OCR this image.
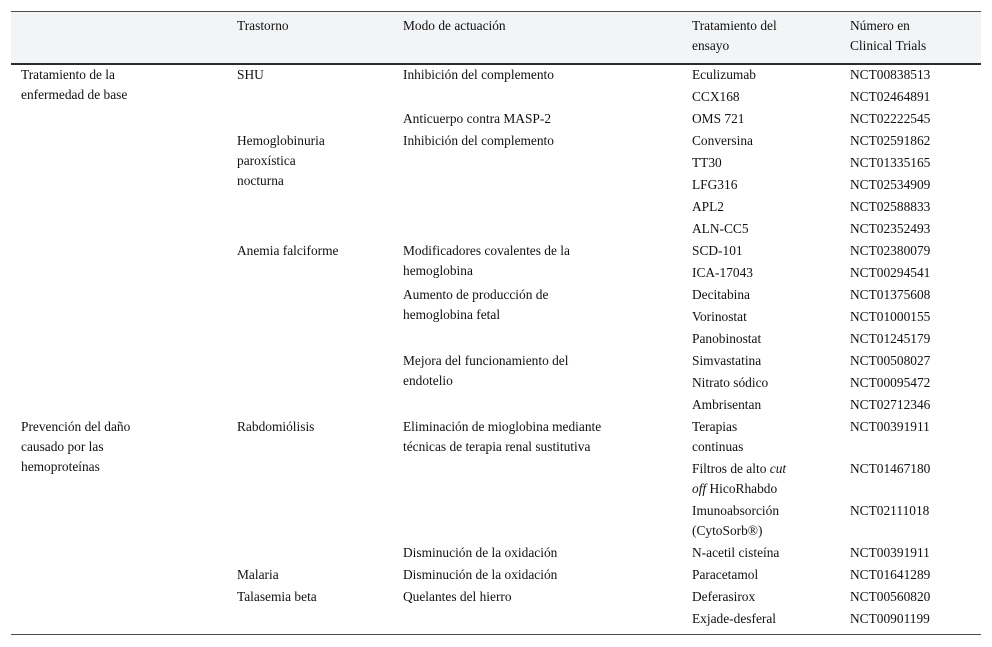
Trastorno	Modo de actuación	Tratamiento del
ensayo
Número en
Clinical Trials
Tratamiento de la
enfermedad de base
Prevención del daño
causado por las
hemoproteínas
SHU
Hemoglobinuria
paroxística
nocturna
Anemia falciforme
Rabdomiólisis
Malaria
Talasemia beta
Inhibición del complemento
Anticuerpo contra MASP-2
Inhibición del complemento
Modificadores covalentes de la
hemoglobina
Aumento de producción de
hemoglobina fetal
Mejora del funcionamiento del
endotelio
Eliminación de mioglobina mediante
técnicas de terapia renal sustitutiva
Disminución de la oxidación
Disminución de la oxidación
Quelantes del hierro
Eculizumab
CCX168
OMS 721
Conversina
TT30
LFG316
APL2
ALN-CC5
SCD-101
ICA-17043
Decitabina
Vorinostat
Panobinostat
Simvastatina
Nitrato sódico
Ambrisentan
Terapias
continuas
Filtros de alto cut
off HicoRhabdo
Imunoabsorción
(CytoSorb®)
N-acetil cisteína
Paracetamol
Deferasirox
Exjade-desferal
NCT00838513
NCT02464891
NCT02222545
NCT02591862
NCT01335165
NCT02534909
NCT02588833
NCT02352493
NCT02380079
NCT00294541
NCT01375608
NCT01000155
NCT01245179
NCT00508027
NCT00095472
NCT02712346
NCT00391911
NCT01467180
NCT02111018
NCT00391911
NCT01641289
NCT00560820
NCT00901199
